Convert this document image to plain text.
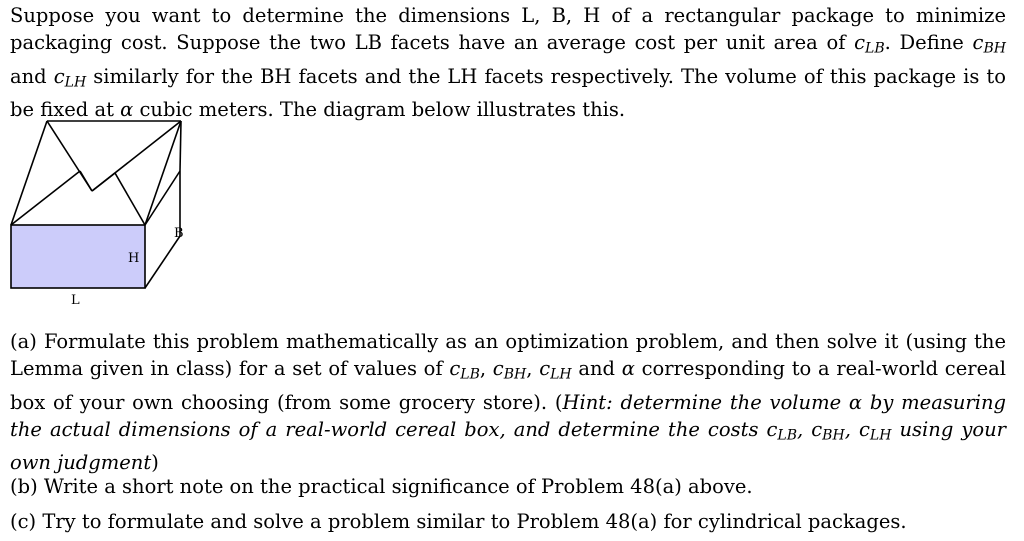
Suppose you want to determine the dimensions L, B, H of a rectangular package to minimize packaging cost. Suppose the two LB facets have an average cost per unit area of $c_{LB}$. Define $c_{BH}$ and $c_{LH}$ similarly for the BH facets and the LH facets respectively. The volume of this package is to be fixed at α cubic meters. The diagram below illustrates this.

B
H
L

(a) Formulate this problem mathematically as an optimization problem, and then solve it (using the Lemma given in class) for a set of values of $c_{LB}$, $c_{BH}$, $c_{LH}$ and α corresponding to a real-world cereal box of your own choosing (from some grocery store). (Hint: determine the volume α by measuring the actual dimensions of a real-world cereal box, and determine the costs $c_{LB}$, $c_{BH}$, $c_{LH}$ using your own judgment)

(b) Write a short note on the practical significance of Problem 48(a) above.

(c) Try to formulate and solve a problem similar to Problem 48(a) for cylindrical packages.
